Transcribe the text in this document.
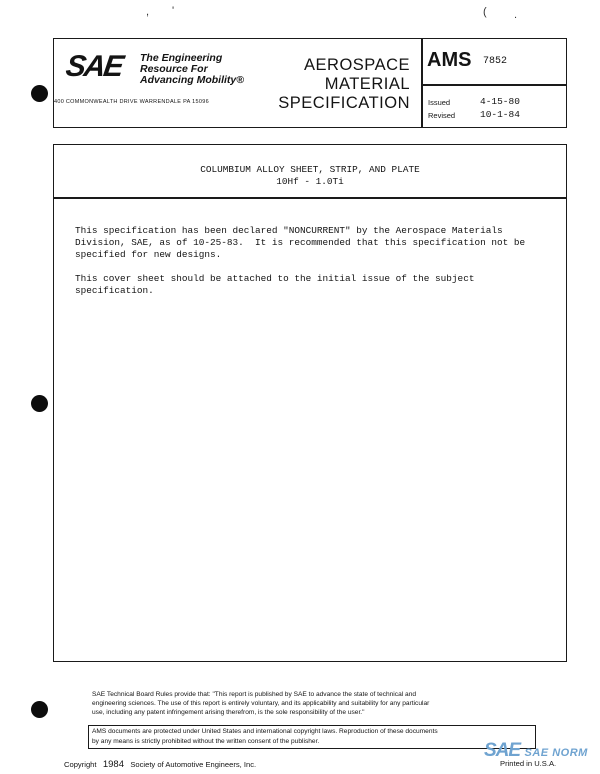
, '	( .
SAE	The Engineering
Resource For
Advancing Mobility®
400 COMMONWEALTH DRIVE WARRENDALE PA 15096
AEROSPACE
MATERIAL
SPECIFICATION
AMS 7852
Issued	4-15-80
Revised	10-1-84
COLUMBIUM ALLOY SHEET, STRIP, AND PLATE
10Hf - 1.0Ti
This specification has been declared "NONCURRENT" by the Aerospace Materials
Division, SAE, as of 10-25-83.  It is recommended that this specification not be
specified for new designs.
This cover sheet should be attached to the initial issue of the subject
specification.
SAE Technical Board Rules provide that: "This report is published by SAE to advance the state of technical and
engineering sciences. The use of this report is entirely voluntary, and its applicability and suitability for any particular
use, including any patent infringement arising therefrom, is the sole responsibility of the user."
AMS documents are protected under United States and international copyright laws. Reproduction of these documents
by any means is strictly prohibited without the written consent of the publisher.
Copyright 1984 Society of Automotive Engineers, Inc.
SAE SAE NORM
Printed in U.S.A.
